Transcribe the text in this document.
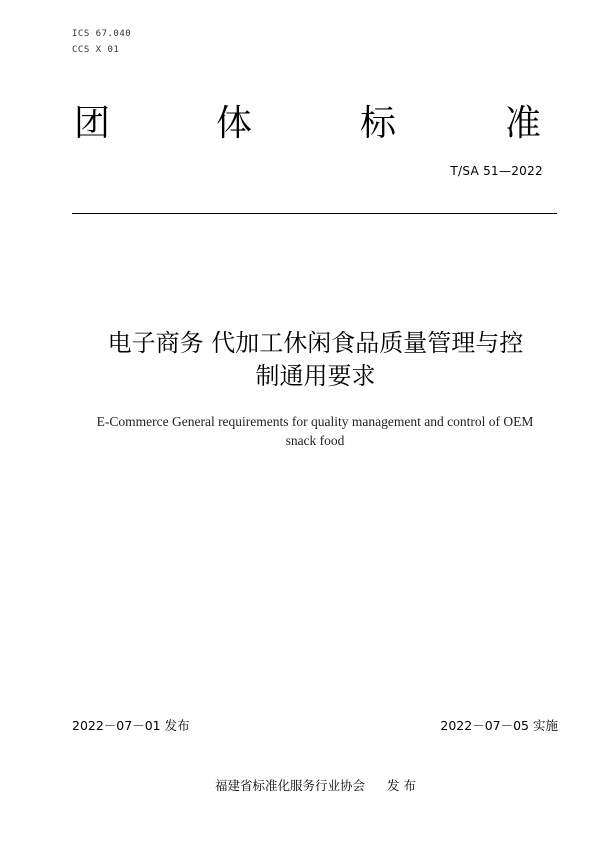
ICS 67.040
CCS X 01
团	体	标	准
T/SA 51—2022
电子商务 代加工休闲食品质量管理与控
制通用要求
E-Commerce General requirements for quality management and control of OEM
snack food
2022－07－01 发布	2022－07－05 实施
福建省标准化服务行业协会 发 布
